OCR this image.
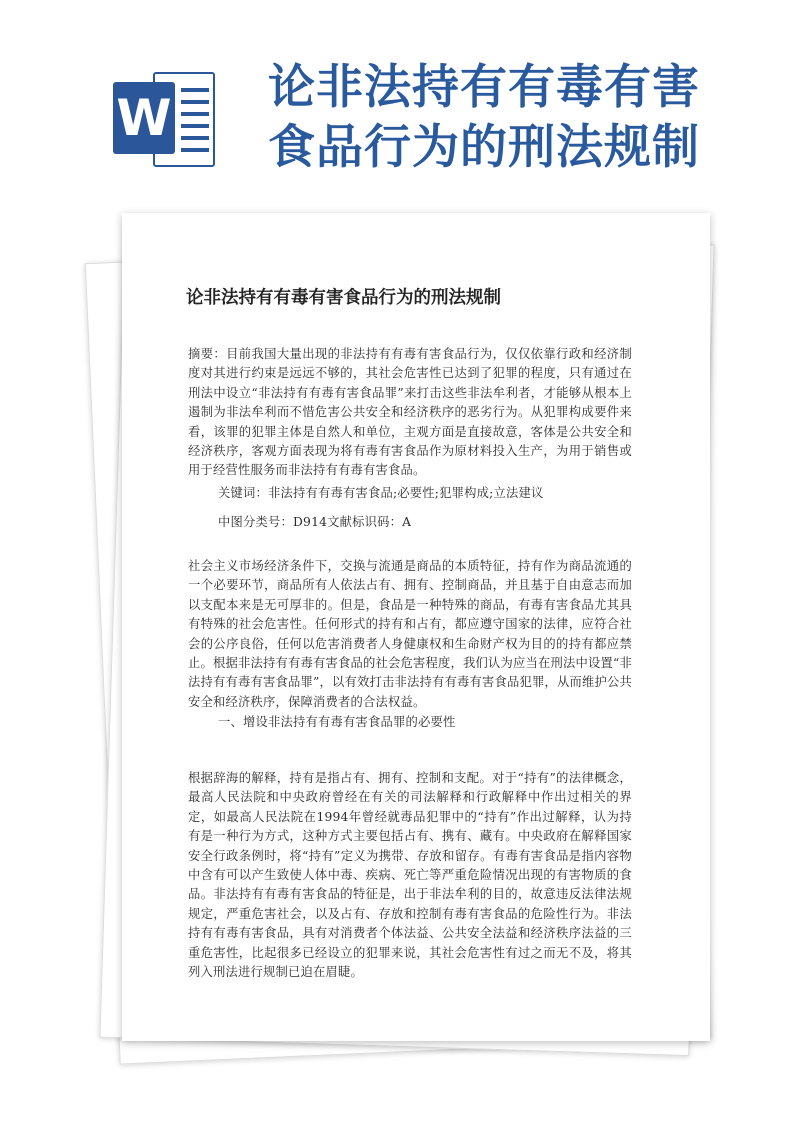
W
论非法持有有毒有害食品行为的刑法规制
论非法持有有毒有害食品行为的刑法规制
摘要：目前我国大量出现的非法持有有毒有害食品行为，仅仅依靠行政和经济制度对其进行约束是远远不够的，其社会危害性已达到了犯罪的程度，只有通过在刑法中设立“非法持有有毒有害食品罪”来打击这些非法牟利者，才能够从根本上遏制为非法牟利而不惜危害公共安全和经济秩序的恶劣行为。从犯罪构成要件来看，该罪的犯罪主体是自然人和单位，主观方面是直接故意，客体是公共安全和经济秩序，客观方面表现为将有毒有害食品作为原材料投入生产，为用于销售或用于经营性服务而非法持有有毒有害食品。
关键词：非法持有有毒有害食品;必要性;犯罪构成;立法建议
中图分类号：D914文献标识码：A
社会主义市场经济条件下，交换与流通是商品的本质特征，持有作为商品流通的一个必要环节，商品所有人依法占有、拥有、控制商品，并且基于自由意志而加以支配本来是无可厚非的。但是，食品是一种特殊的商品，有毒有害食品尤其具有特殊的社会危害性。任何形式的持有和占有，都应遵守国家的法律，应符合社会的公序良俗，任何以危害消费者人身健康权和生命财产权为目的的持有都应禁止。根据非法持有有毒有害食品的社会危害程度，我们认为应当在刑法中设置“非法持有有毒有害食品罪”，以有效打击非法持有有毒有害食品犯罪，从而维护公共安全和经济秩序，保障消费者的合法权益。
一、增设非法持有有毒有害食品罪的必要性
根据辞海的解释，持有是指占有、拥有、控制和支配。对于“持有”的法律概念，最高人民法院和中央政府曾经在有关的司法解释和行政解释中作出过相关的界定，如最高人民法院在1994年曾经就毒品犯罪中的“持有”作出过解释，认为持有是一种行为方式，这种方式主要包括占有、携有、藏有。中央政府在解释国家安全行政条例时，将“持有”定义为携带、存放和留存。有毒有害食品是指内容物中含有可以产生致使人体中毒、疾病、死亡等严重危险情况出现的有害物质的食品。非法持有有毒有害食品的特征是，出于非法牟利的目的，故意违反法律法规规定，严重危害社会，以及占有、存放和控制有毒有害食品的危险性行为。非法持有有毒有害食品，具有对消费者个体法益、公共安全法益和经济秩序法益的三重危害性，比起很多已经设立的犯罪来说，其社会危害性有过之而无不及，将其列入刑法进行规制已迫在眉睫。
